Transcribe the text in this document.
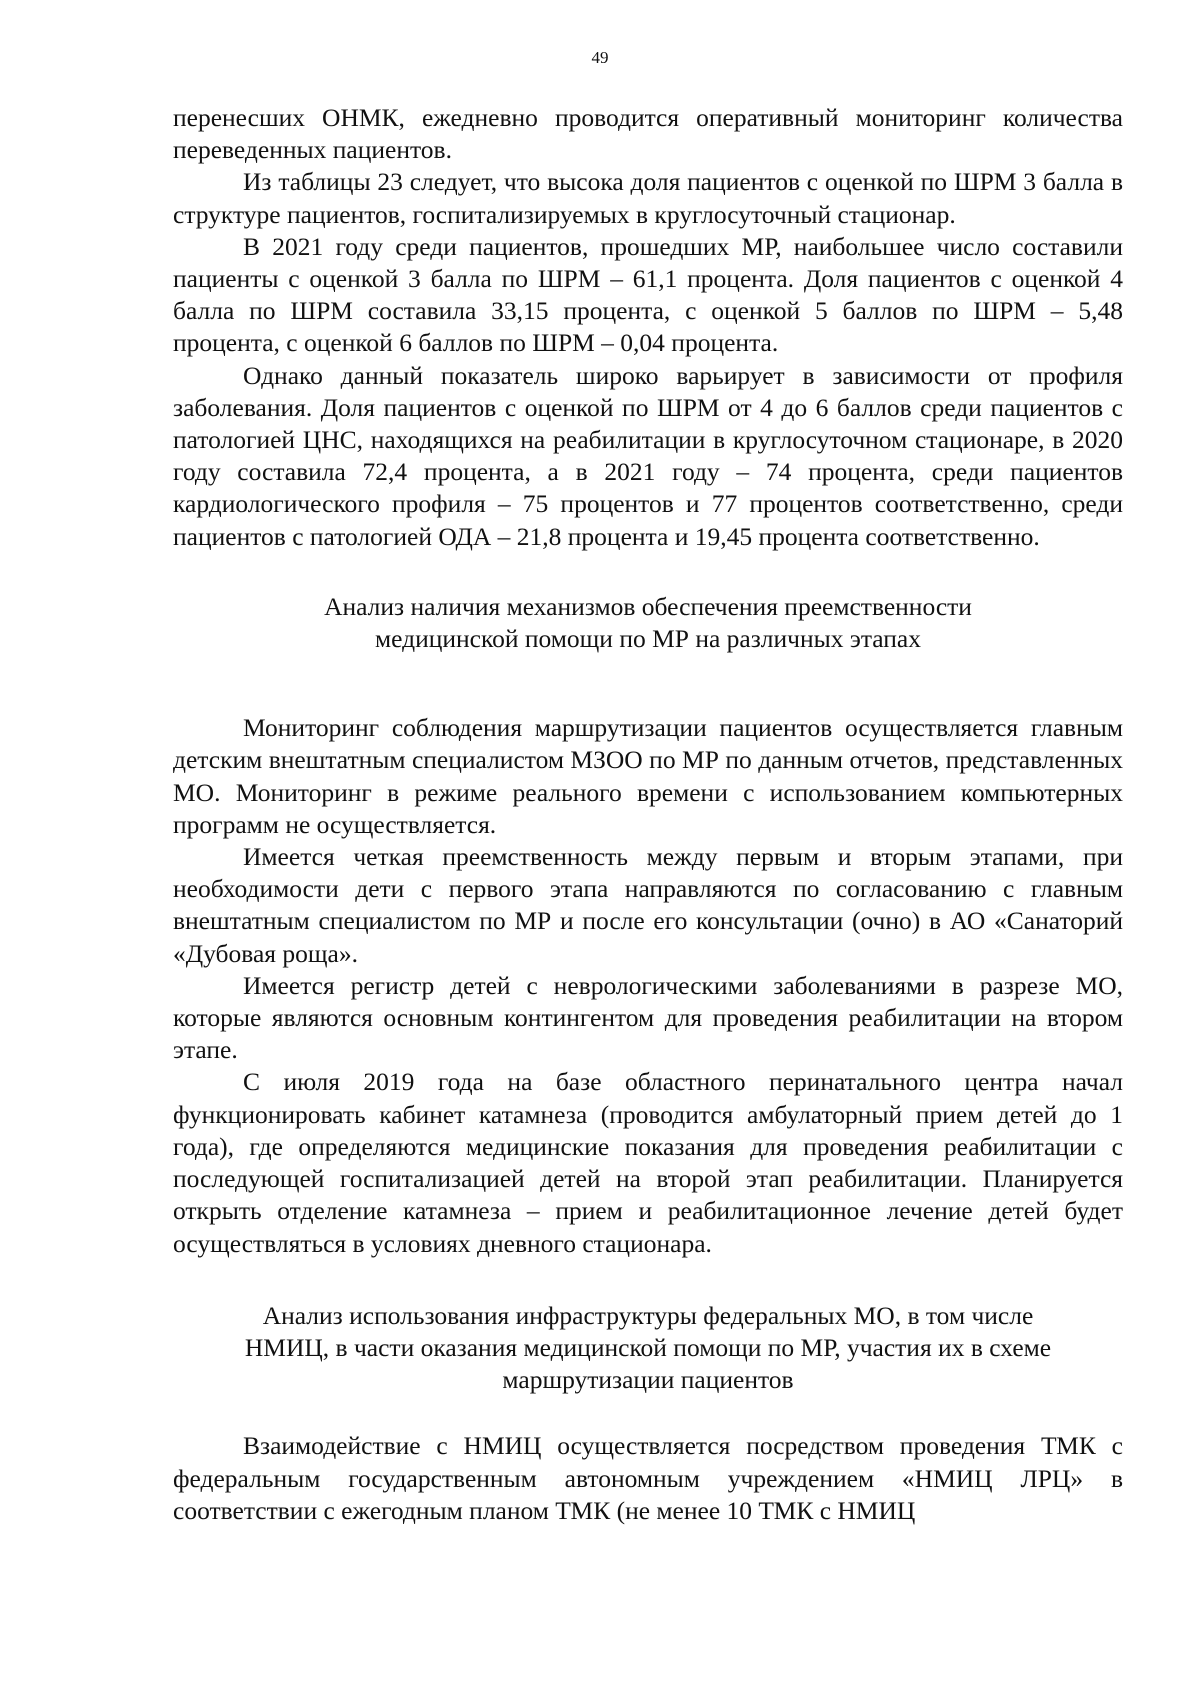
49

перенесших ОНМК, ежедневно проводится оперативный мониторинг количества переведенных пациентов.

Из таблицы 23 следует, что высока доля пациентов с оценкой по ШРМ 3 балла в структуре пациентов, госпитализируемых в круглосуточный стационар.

В 2021 году среди пациентов, прошедших МР, наибольшее число составили пациенты с оценкой 3 балла по ШРМ – 61,1 процента. Доля пациентов с оценкой 4 балла по ШРМ составила 33,15 процента, с оценкой 5 баллов по ШРМ – 5,48 процента, с оценкой 6 баллов по ШРМ – 0,04 процента.

Однако данный показатель широко варьирует в зависимости от профиля заболевания. Доля пациентов с оценкой по ШРМ от 4 до 6 баллов среди пациентов с патологией ЦНС, находящихся на реабилитации в круглосуточном стационаре, в 2020 году составила 72,4 процента, а в 2021 году – 74 процента, среди пациентов кардиологического профиля – 75 процентов и 77 процентов соответственно, среди пациентов с патологией ОДА – 21,8 процента и 19,45 процента соответственно.

Анализ наличия механизмов обеспечения преемственности
медицинской помощи по МР на различных этапах

Мониторинг соблюдения маршрутизации пациентов осуществляется главным детским внештатным специалистом МЗОО по МР по данным отчетов, представленных МО. Мониторинг в режиме реального времени с использованием компьютерных программ не осуществляется.

Имеется четкая преемственность между первым и вторым этапами, при необходимости дети с первого этапа направляются по согласованию с главным внештатным специалистом по МР и после его консультации (очно) в АО «Санаторий «Дубовая роща».

Имеется регистр детей с неврологическими заболеваниями в разрезе МО, которые являются основным контингентом для проведения реабилитации на втором этапе.

С июля 2019 года на базе областного перинатального центра начал функционировать кабинет катамнеза (проводится амбулаторный прием детей до 1 года), где определяются медицинские показания для проведения реабилитации с последующей госпитализацией детей на второй этап реабилитации. Планируется открыть отделение катамнеза – прием и реабилитационное лечение детей будет осуществляться в условиях дневного стационара.

Анализ использования инфраструктуры федеральных МО, в том числе
НМИЦ, в части оказания медицинской помощи по МР, участия их в схеме
маршрутизации пациентов

Взаимодействие с НМИЦ осуществляется посредством проведения ТМК с федеральным государственным автономным учреждением «НМИЦ ЛРЦ» в соответствии с ежегодным планом ТМК (не менее 10 ТМК с НМИЦ
